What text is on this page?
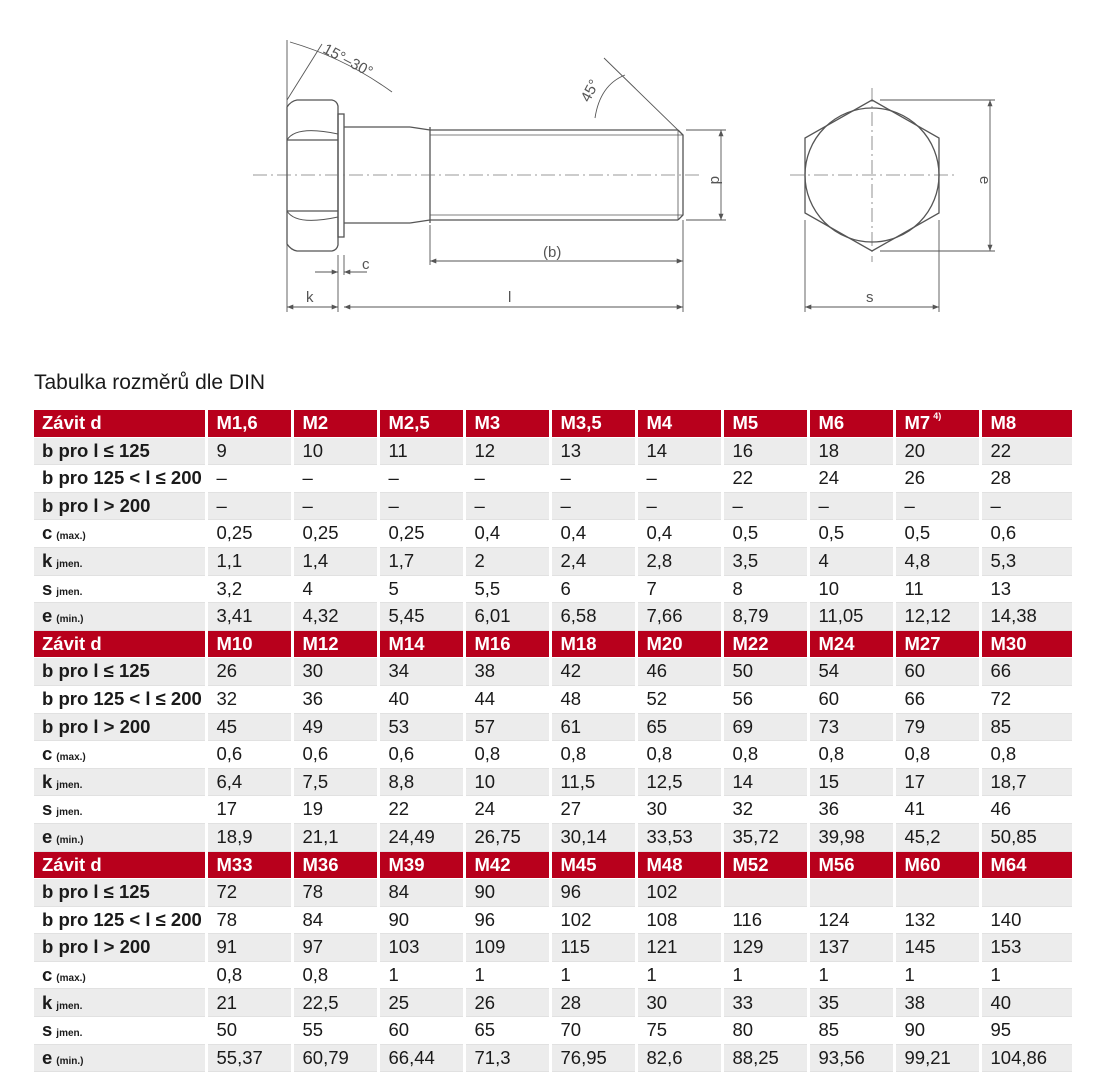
15°–30°
45°
d	e
(b)
c
k	l	s
Tabulka rozměrů dle DIN
Závit d	M1,6	M2	M2,5	M3	M3,5	M4	M5	M6	M7 $^{4)}$	M8
b pro l ≤ 125	9	10	11	12	13	14	16	18	20	22
b pro 125 < l ≤ 200	–	–	–	–	–	–	22	24	26	28
b pro l > 200	–	–	–	–	–	–	–	–	–	–
c (max.)	0,25	0,25	0,25	0,4	0,4	0,4	0,5	0,5	0,5	0,6
k jmen.	1,1	1,4	1,7	2	2,4	2,8	3,5	4	4,8	5,3
s jmen.	3,2	4	5	5,5	6	7	8	10	11	13
e (min.)	3,41	4,32	5,45	6,01	6,58	7,66	8,79	11,05	12,12	14,38
Závit d	M10	M12	M14	M16	M18	M20	M22	M24	M27	M30
b pro l ≤ 125	26	30	34	38	42	46	50	54	60	66
b pro 125 < l ≤ 200	32	36	40	44	48	52	56	60	66	72
b pro l > 200	45	49	53	57	61	65	69	73	79	85
c (max.)	0,6	0,6	0,6	0,8	0,8	0,8	0,8	0,8	0,8	0,8
k jmen.	6,4	7,5	8,8	10	11,5	12,5	14	15	17	18,7
s jmen.	17	19	22	24	27	30	32	36	41	46
e (min.)	18,9	21,1	24,49	26,75	30,14	33,53	35,72	39,98	45,2	50,85
Závit d	M33	M36	M39	M42	M45	M48	M52	M56	M60	M64
b pro l ≤ 125	72	78	84	90	96	102				
b pro 125 < l ≤ 200	78	84	90	96	102	108	116	124	132	140
b pro l > 200	91	97	103	109	115	121	129	137	145	153
c (max.)	0,8	0,8	1	1	1	1	1	1	1	1
k jmen.	21	22,5	25	26	28	30	33	35	38	40
s jmen.	50	55	60	65	70	75	80	85	90	95
e (min.)	55,37	60,79	66,44	71,3	76,95	82,6	88,25	93,56	99,21	104,86
